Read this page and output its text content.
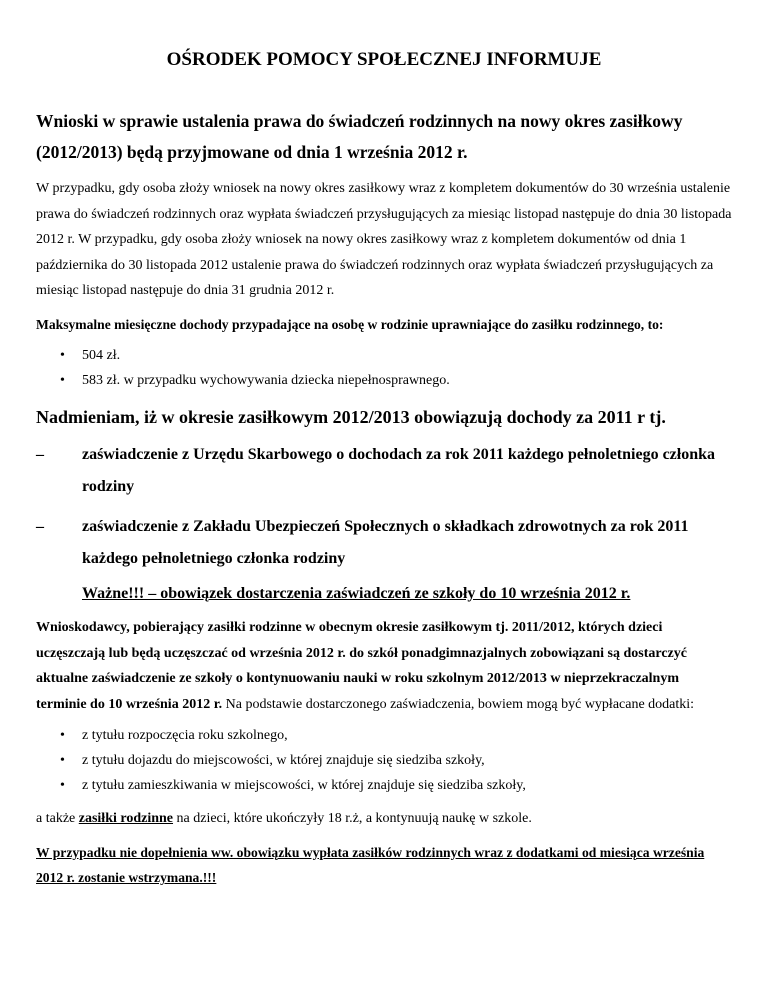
OŚRODEK POMOCY SPOŁECZNEJ INFORMUJE

Wnioski w sprawie ustalenia prawa do świadczeń rodzinnych na nowy okres zasiłkowy (2012/2013) będą przyjmowane od dnia 1 września 2012 r.

W przypadku, gdy osoba złoży wniosek na nowy okres zasiłkowy wraz z kompletem dokumentów do 30 września ustalenie prawa do świadczeń rodzinnych oraz wypłata świadczeń przysługujących za miesiąc listopad następuje do dnia 30 listopada 2012 r. W przypadku, gdy osoba złoży wniosek na nowy okres zasiłkowy wraz z kompletem dokumentów od dnia 1 października do 30 listopada 2012 ustalenie prawa do świadczeń rodzinnych oraz wypłata świadczeń przysługujących za miesiąc listopad następuje do dnia 31 grudnia 2012 r.

Maksymalne miesięczne dochody przypadające na osobę w rodzinie uprawniające do zasiłku rodzinnego, to:

• 504 zł.
• 583 zł. w przypadku wychowywania dziecka niepełnosprawnego.

Nadmieniam, iż w okresie zasiłkowym 2012/2013 obowiązują dochody za 2011 r tj.

– zaświadczenie z Urzędu Skarbowego o dochodach za rok 2011 każdego pełnoletniego członka rodziny
– zaświadczenie z Zakładu Ubezpieczeń Społecznych o składkach zdrowotnych za rok 2011 każdego pełnoletniego członka rodziny

Ważne!!! – obowiązek dostarczenia zaświadczeń ze szkoły do 10 września 2012 r.

Wnioskodawcy, pobierający zasiłki rodzinne w obecnym okresie zasiłkowym tj. 2011/2012, których dzieci uczęszczają lub będą uczęszczać od września 2012 r. do szkół ponadgimnazjalnych zobowiązani są dostarczyć aktualne zaświadczenie ze szkoły o kontynuowaniu nauki w roku szkolnym 2012/2013 w nieprzekraczalnym terminie do 10 września 2012 r. Na podstawie dostarczonego zaświadczenia, bowiem mogą być wypłacane dodatki:

• z tytułu rozpoczęcia roku szkolnego,
• z tytułu dojazdu do miejscowości, w której znajduje się siedziba szkoły,
• z tytułu zamieszkiwania w miejscowości, w której znajduje się siedziba szkoły,

a także zasiłki rodzinne na dzieci, które ukończyły 18 r.ż, a kontynuują naukę w szkole.

W przypadku nie dopełnienia ww. obowiązku wypłata zasiłków rodzinnych wraz z dodatkami od miesiąca września 2012 r. zostanie wstrzymana.!!!
